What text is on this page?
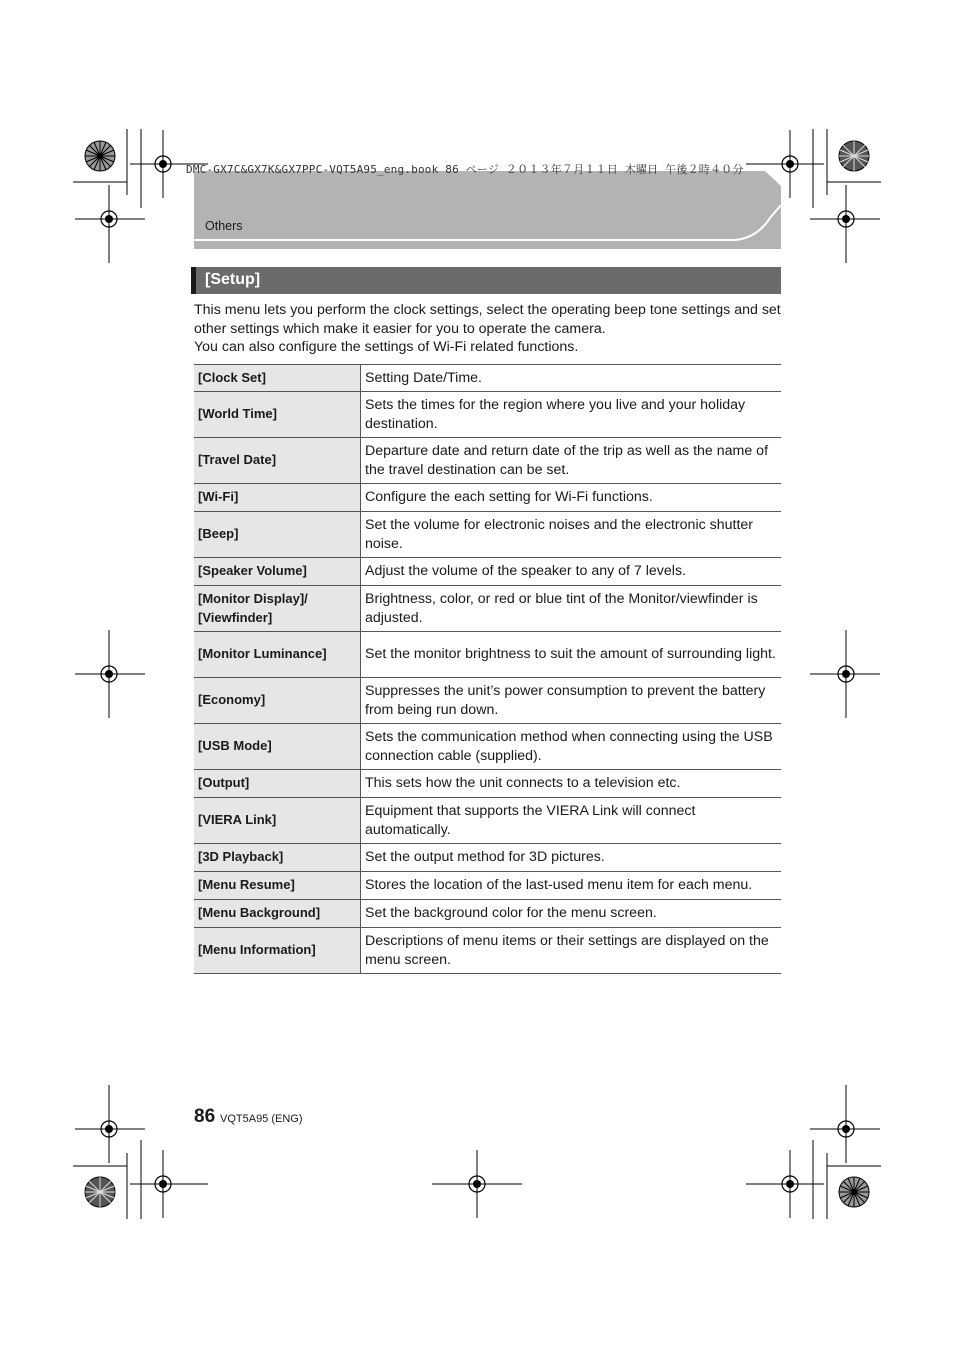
DMC-GX7C&GX7K&GX7PPC-VQT5A95_eng.book 86 ページ ２０１３年７月１１日 木曜日 午後２時４０分
Others
[Setup]

This menu lets you perform the clock settings, select the operating beep tone settings and set other settings which make it easier for you to operate the camera.

You can also configure the settings of Wi-Fi related functions.

[Clock Set]	Setting Date/Time.
[World Time]	Sets the times for the region where you live and your holiday destination.
[Travel Date]	Departure date and return date of the trip as well as the name of the travel destination can be set.
[Wi-Fi]	Configure the each setting for Wi-Fi functions.
[Beep]	Set the volume for electronic noises and the electronic shutter noise.
[Speaker Volume]	Adjust the volume of the speaker to any of 7 levels.
[Monitor Display]/ [Viewfinder]	Brightness, color, or red or blue tint of the Monitor/viewfinder is adjusted.
[Monitor Luminance]	Set the monitor brightness to suit the amount of surrounding light.
[Economy]	Suppresses the unit’s power consumption to prevent the battery from being run down.
[USB Mode]	Sets the communication method when connecting using the USB connection cable (supplied).
[Output]	This sets how the unit connects to a television etc.
[VIERA Link]	Equipment that supports the VIERA Link will connect automatically.
[3D Playback]	Set the output method for 3D pictures.
[Menu Resume]	Stores the location of the last-used menu item for each menu.
[Menu Background]	Set the background color for the menu screen.
[Menu Information]	Descriptions of menu items or their settings are displayed on the menu screen.
86 VQT5A95 (ENG)
